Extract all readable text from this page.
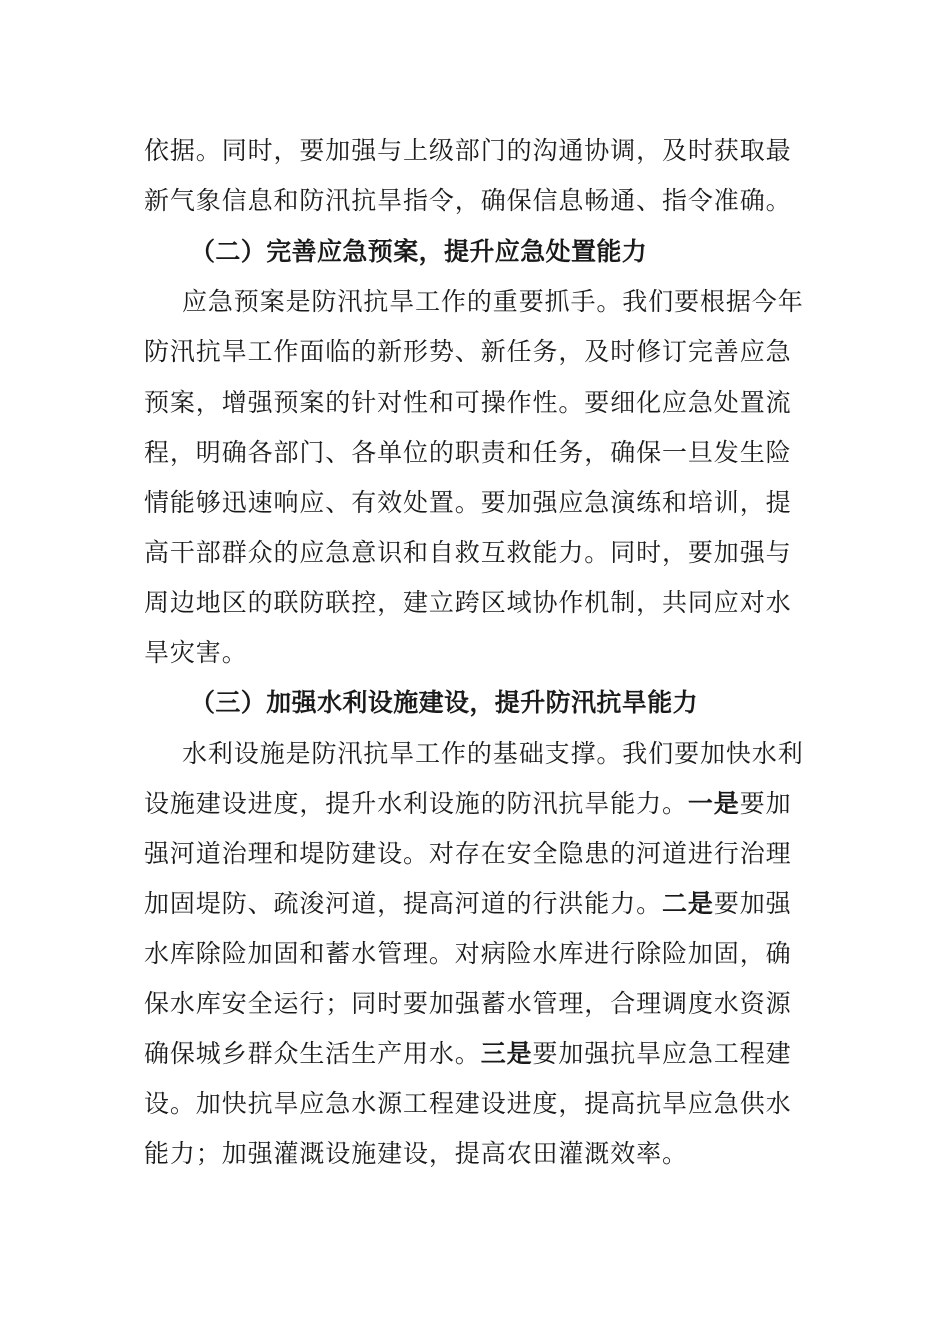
依据。同时，要加强与上级部门的沟通协调，及时获取最
新气象信息和防汛抗旱指令，确保信息畅通、指令准确。
（二）完善应急预案，提升应急处置能力
应急预案是防汛抗旱工作的重要抓手。我们要根据今年
防汛抗旱工作面临的新形势、新任务，及时修订完善应急
预案，增强预案的针对性和可操作性。要细化应急处置流
程，明确各部门、各单位的职责和任务，确保一旦发生险
情能够迅速响应、有效处置。要加强应急演练和培训，提
高干部群众的应急意识和自救互救能力。同时，要加强与
周边地区的联防联控，建立跨区域协作机制，共同应对水
旱灾害。
（三）加强水利设施建设，提升防汛抗旱能力
水利设施是防汛抗旱工作的基础支撑。我们要加快水利
设施建设进度，提升水利设施的防汛抗旱能力。一是要加
强河道治理和堤防建设。对存在安全隐患的河道进行治理
加固堤防、疏浚河道，提高河道的行洪能力。二是要加强
水库除险加固和蓄水管理。对病险水库进行除险加固，确
保水库安全运行；同时要加强蓄水管理，合理调度水资源
确保城乡群众生活生产用水。三是要加强抗旱应急工程建
设。加快抗旱应急水源工程建设进度，提高抗旱应急供水
能力；加强灌溉设施建设，提高农田灌溉效率。
